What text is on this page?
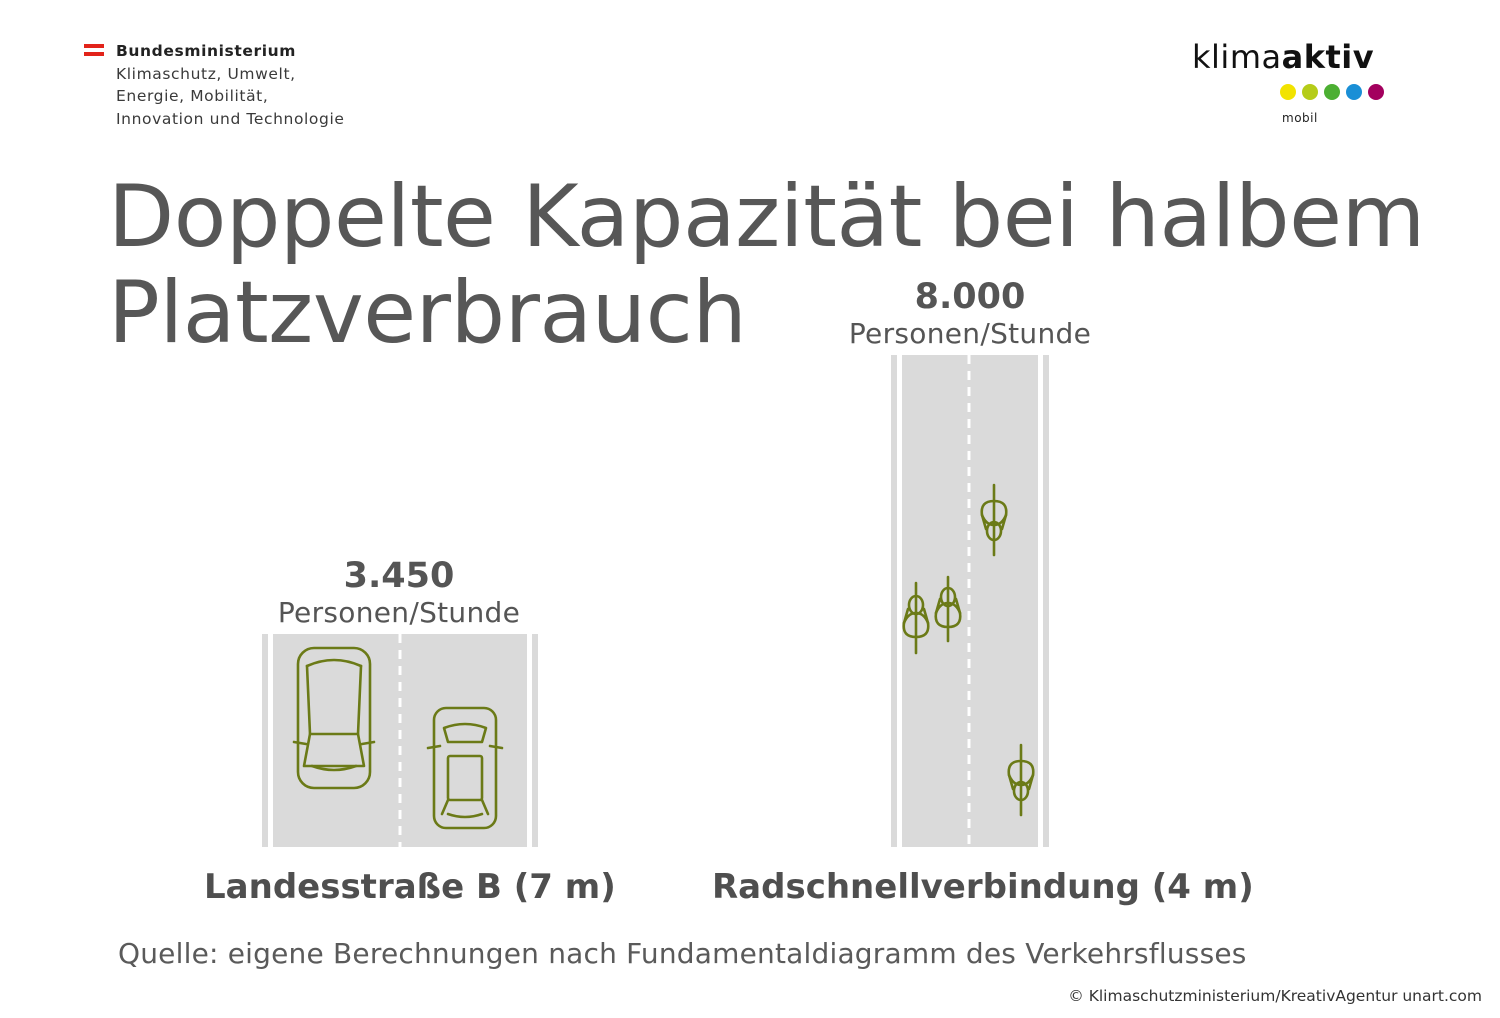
Bundesministerium
Klimaschutz, Umwelt,
Energie, Mobilität,
Innovation und Technologie
klimaaktiv
mobil
Doppelte Kapazität bei halbem
Platzverbrauch
3.450
Personen/Stunde
Landesstraße B (7 m)
8.000
Personen/Stunde
Radschnellverbindung (4 m)
Quelle: eigene Berechnungen nach Fundamentaldiagramm des Verkehrsflusses
© Klimaschutzministerium/KreativAgentur unart.com
